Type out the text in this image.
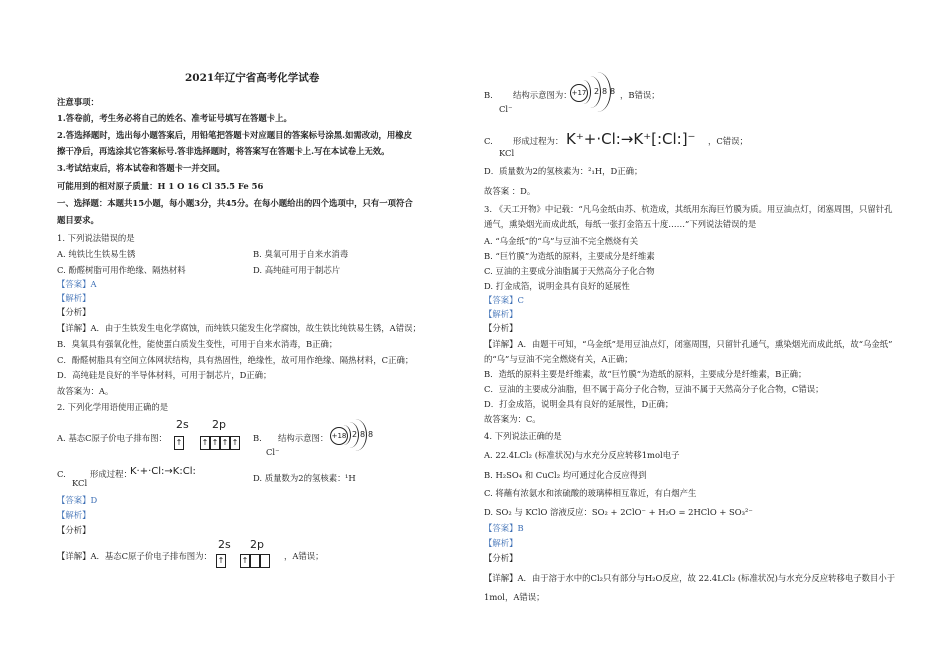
2021年辽宁省高考化学试卷
注意事项：
1.答卷前，考生务必将自己的姓名、准考证号填写在答题卡上。
2.答选择题时，选出每小题答案后，用铅笔把答题卡对应题目的答案标号涂黑.如需改动，用橡皮
擦干净后，再选涂其它答案标号.答非选择题时，将答案写在答题卡上.写在本试卷上无效。
3.考试结束后，将本试卷和答题卡一并交回。
可能用到的相对原子质量：H 1 O 16 Cl 35.5 Fe 56
一、选择题：本题共15小题，每小题3分，共45分。在每小题给出的四个选项中，只有一项符合
题目要求。
1. 下列说法错误的是
A. 纯铁比生铁易生锈	B. 臭氧可用于自来水消毒
C. 酚醛树脂可用作绝缘、隔热材料	D. 高纯硅可用于制芯片
【答案】A
【解析】
【分析】
【详解】A．由于生铁发生电化学腐蚀，而纯铁只能发生化学腐蚀，故生铁比纯铁易生锈，A错误；
B．臭氧具有强氧化性，能使蛋白质发生变性，可用于自来水消毒，B正确；
C．酚醛树脂具有空间立体网状结构，具有热固性，绝缘性，故可用作绝缘、隔热材料，C正确；
D．高纯硅是良好的半导体材料，可用于制芯片，D正确；
故答案为：A。
2. 下列化学用语使用正确的是
A. 基态C原子价电子排布图：
2s 2p
↑ ↑ ↑ ↑ ↑ B. 结构示意图： +18 2 8 8
Cl⁻
C.	形成过程：
K·+·Cl:→K:Cl:
KCl	D. 质量数为2的氢核素： ¹H
【答案】D
【解析】
【分析】
【详解】A．基态C原子价电子排布图为：
2s 2p
↑ ↑	，A错误；
B. 结构示意图为： +17 2 8 8 ，B错误；
Cl⁻
C. 形成过程为： K⁺+·Cl:→K⁺[:Cl:]⁻ ，C错误；
KCl
D．质量数为2的氢核素为：²₁H，D正确；
故答案 ：D。
3. 《天工开物》中记载：“凡乌金纸由苏、杭造成，其纸用东海巨竹膜为质。用豆油点灯，闭塞周围，只留针孔
通气，熏染烟光而成此纸，每纸一张打金箔五十度……”下列说法错误的是
A. “乌金纸”的“乌”与豆油不完全燃烧有关
B. “巨竹膜”为造纸的原料，主要成分是纤维素
C. 豆油的主要成分油脂属于天然高分子化合物
D. 打金成箔，说明金具有良好的延展性
【答案】C
【解析】
【分析】
【详解】A．由题干可知，“乌金纸”是用豆油点灯，闭塞周围，只留针孔通气，熏染烟光而成此纸，故“乌金纸”
的“乌”与豆油不完全燃烧有关，A正确；
B．造纸的原料主要是纤维素，故“巨竹膜”为造纸的原料，主要成分是纤维素，B正确；
C．豆油的主要成分油脂，但不属于高分子化合物，豆油不属于天然高分子化合物，C错误；
D．打金成箔，说明金具有良好的延展性，D正确；
故答案为：C。
4. 下列说法正确的是
A. 22.4LCl₂ (标准状况)与水充分反应转移1mol电子
B. H₂SO₄ 和 CuCl₂ 均可通过化合反应得到
C. 将蘸有浓氨水和浓硫酸的玻璃棒相互靠近，有白烟产生
D. SO₂ 与 KClO 溶液反应：SO₂ + 2ClO⁻ + H₂O = 2HClO + SO₃²⁻
【答案】B
【解析】
【分析】
【详解】A．由于溶于水中的Cl₂只有部分与H₂O反应，故 22.4LCl₂ (标准状况)与水充分反应转移电子数目小于
1mol，A错误；
